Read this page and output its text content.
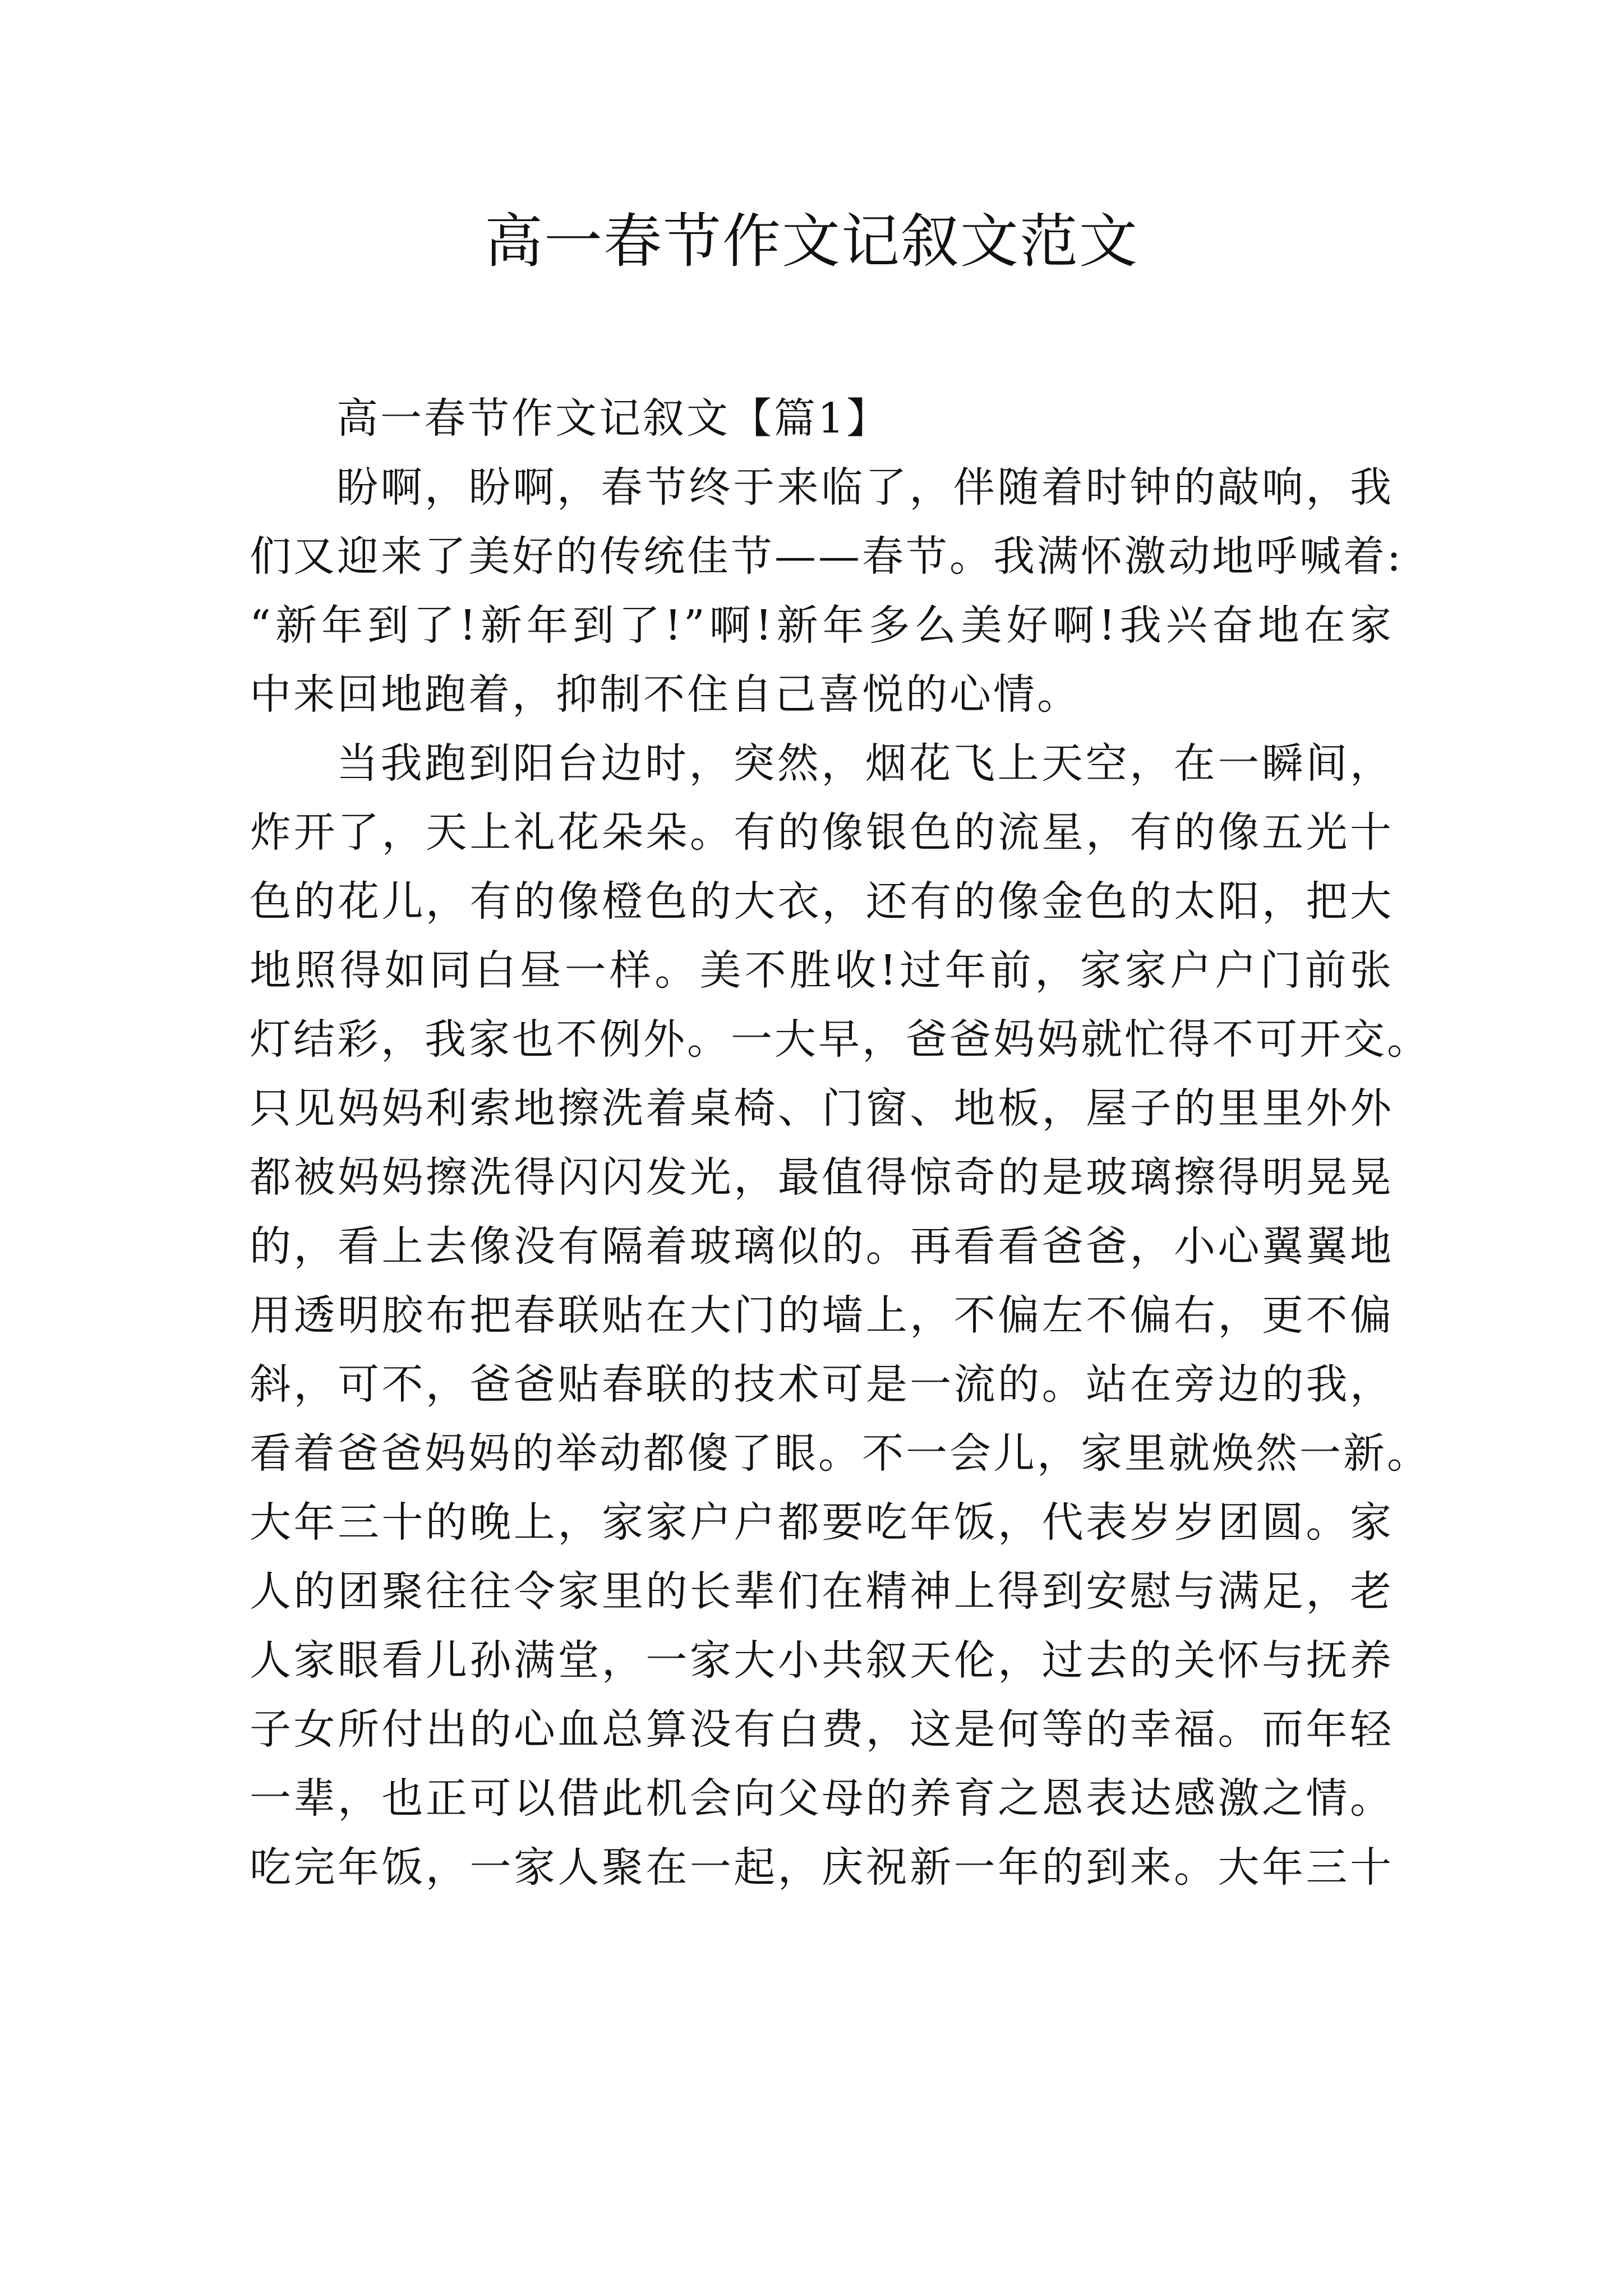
高一春节作文记叙文范文
高一春节作文记叙文【篇1】
盼啊，盼啊，春节终于来临了，伴随着时钟的敲响，我
们又迎来了美好的传统佳节——春节。我满怀激动地呼喊着:
“新年到了!新年到了!”啊!新年多么美好啊!我兴奋地在家
中来回地跑着，抑制不住自己喜悦的心情。
当我跑到阳台边时，突然，烟花飞上天空，在一瞬间，
炸开了，天上礼花朵朵。有的像银色的流星，有的像五光十
色的花儿，有的像橙色的大衣，还有的像金色的太阳，把大
地照得如同白昼一样。美不胜收!过年前，家家户户门前张
灯结彩，我家也不例外。一大早，爸爸妈妈就忙得不可开交。
只见妈妈利索地擦洗着桌椅、门窗、地板，屋子的里里外外
都被妈妈擦洗得闪闪发光，最值得惊奇的是玻璃擦得明晃晃
的，看上去像没有隔着玻璃似的。再看看爸爸，小心翼翼地
用透明胶布把春联贴在大门的墙上，不偏左不偏右，更不偏
斜，可不，爸爸贴春联的技术可是一流的。站在旁边的我，
看着爸爸妈妈的举动都傻了眼。不一会儿，家里就焕然一新。
大年三十的晚上，家家户户都要吃年饭，代表岁岁团圆。家
人的团聚往往令家里的长辈们在精神上得到安慰与满足，老
人家眼看儿孙满堂，一家大小共叙天伦，过去的关怀与抚养
子女所付出的心血总算没有白费，这是何等的幸福。而年轻
一辈，也正可以借此机会向父母的养育之恩表达感激之情。
吃完年饭，一家人聚在一起，庆祝新一年的到来。大年三十
